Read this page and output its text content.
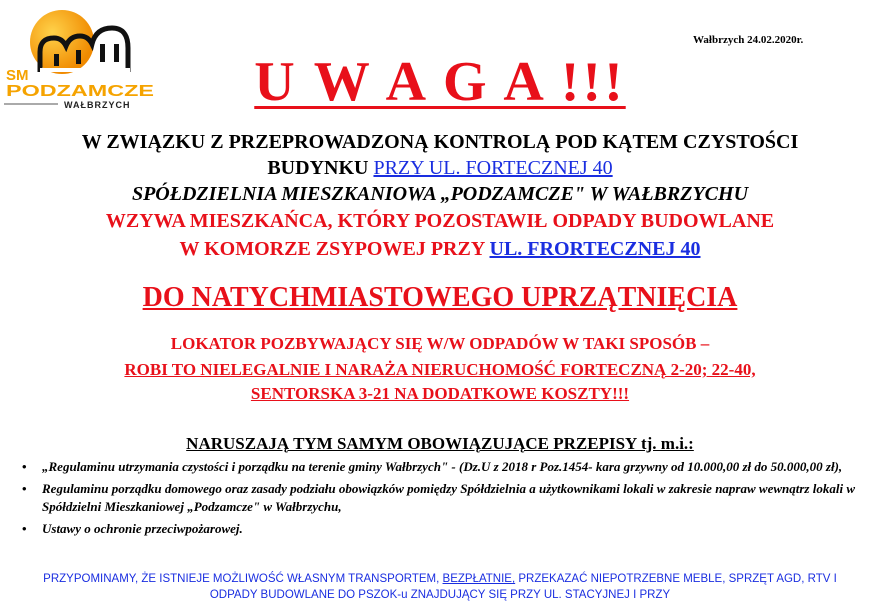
SM
PODZAMCZE
WAŁBRZYCH
Wałbrzych 24.02.2020r.
U W A G A !!!
W ZWIĄZKU Z PRZEPROWADZONĄ KONTROLĄ POD KĄTEM CZYSTOŚCI
BUDYNKU PRZY UL. FORTECZNEJ 40
SPÓŁDZIELNIA MIESZKANIOWA „PODZAMCZE" W WAŁBRZYCHU
WZYWA MIESZKAŃCA, KTÓRY POZOSTAWIŁ ODPADY BUDOWLANE
W KOMORZE ZSYPOWEJ PRZY UL. FRORTECZNEJ 40
DO NATYCHMIASTOWEGO UPRZĄTNIĘCIA
LOKATOR POZBYWAJĄCY SIĘ W/W ODPADÓW W TAKI SPOSÓB –
ROBI TO NIELEGALNIE I NARAŻA NIERUCHOMOŚĆ FORTECZNĄ 2-20; 22-40,
SENTORSKA 3-21 NA DODATKOWE KOSZTY!!!
NARUSZAJĄ TYM SAMYM OBOWIĄZUJĄCE PRZEPISY tj. m.i.:
• „Regulaminu utrzymania czystości i porządku na terenie gminy Wałbrzych" - (Dz.U z 2018 r Poz.1454- kara grzywny od 10.000,00 zł do 50.000,00 zł),
• Regulaminu porządku domowego oraz zasady podziału obowiązków pomiędzy Spółdzielnia a użytkownikami lokali w zakresie napraw wewnątrz lokali w Spółdzielni Mieszkaniowej „Podzamcze" w Wałbrzychu,
• Ustawy o ochronie przeciwpożarowej.
PRZYPOMINAMY, ŻE ISTNIEJE MOŻLIWOŚĆ WŁASNYM TRANSPORTEM, BEZPŁATNIE, PRZEKAZAĆ NIEPOTRZEBNE MEBLE, SPRZĘT AGD, RTV I ODPADY BUDOWLANE DO PSZOK-u ZNAJDUJĄCY SIĘ PRZY UL. STACYJNEJ I PRZY
